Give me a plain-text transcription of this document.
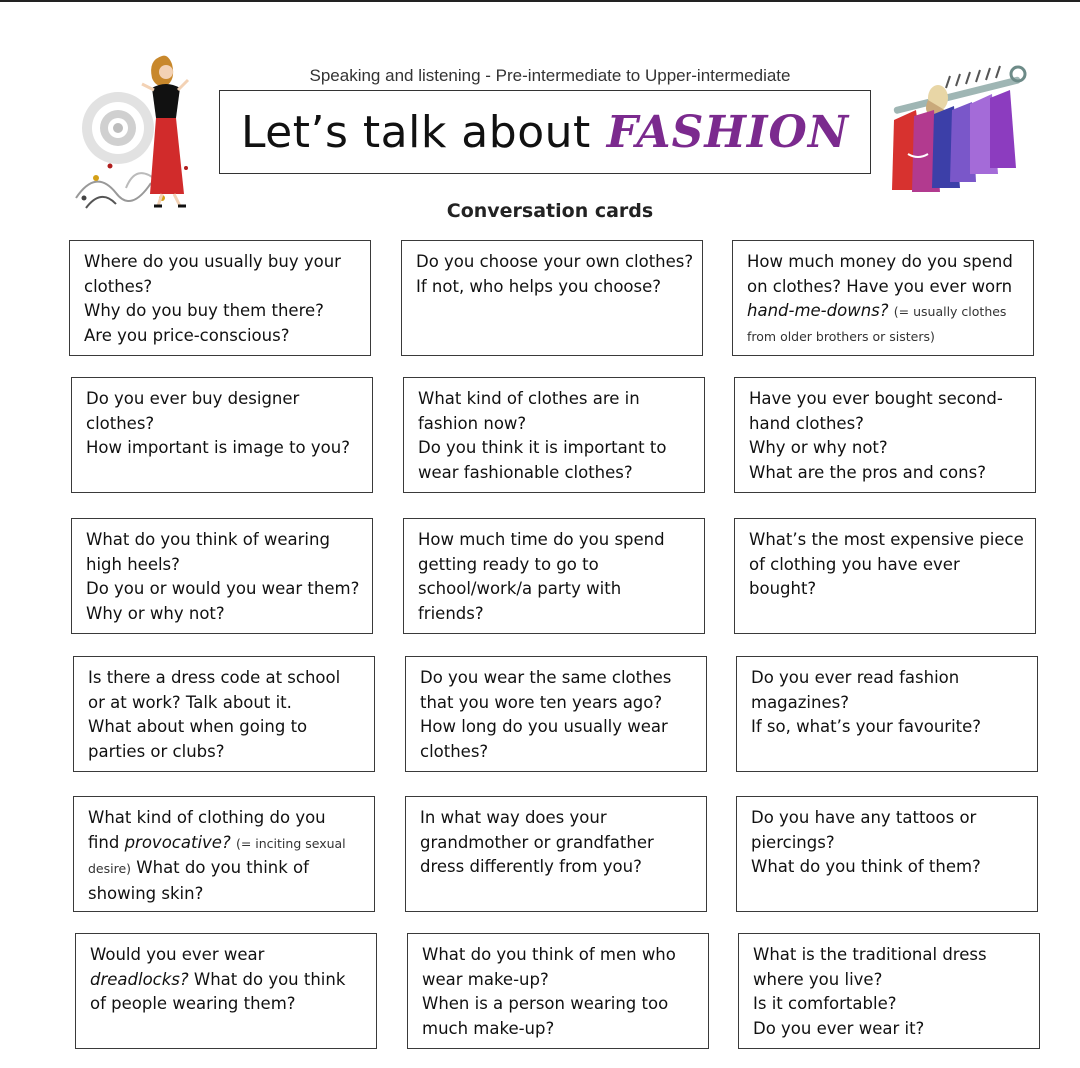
Speaking and listening - Pre-intermediate to Upper-intermediate
Let’s talk about FASHION
Conversation cards
Where do you usually buy your
clothes?
Why do you buy them there?
Are you price-conscious?
Do you choose your own clothes?
If not, who helps you choose?
How much money do you spend
on clothes? Have you ever worn
hand-me-downs? (= usually clothes
from older brothers or sisters)
Do you ever buy designer
clothes?
How important is image to you?
What kind of clothes are in
fashion now?
Do you think it is important to
wear fashionable clothes?
Have you ever bought second-
hand clothes?
Why or why not?
What are the pros and cons?
What do you think of wearing
high heels?
Do you or would you wear them?
Why or why not?
How much time do you spend
getting ready to go to
school/work/a party with
friends?
What’s the most expensive piece
of clothing you have ever
bought?
Is there a dress code at school
or at work? Talk about it.
What about when going to
parties or clubs?
Do you wear the same clothes
that you wore ten years ago?
How long do you usually wear
clothes?
Do you ever read fashion
magazines?
If so, what’s your favourite?
What kind of clothing do you
find provocative? (= inciting sexual
desire) What do you think of
showing skin?
In what way does your
grandmother or grandfather
dress differently from you?
Do you have any tattoos or
piercings?
What do you think of them?
Would you ever wear
dreadlocks? What do you think
of people wearing them?
What do you think of men who
wear make-up?
When is a person wearing too
much make-up?
What is the traditional dress
where you live?
Is it comfortable?
Do you ever wear it?
